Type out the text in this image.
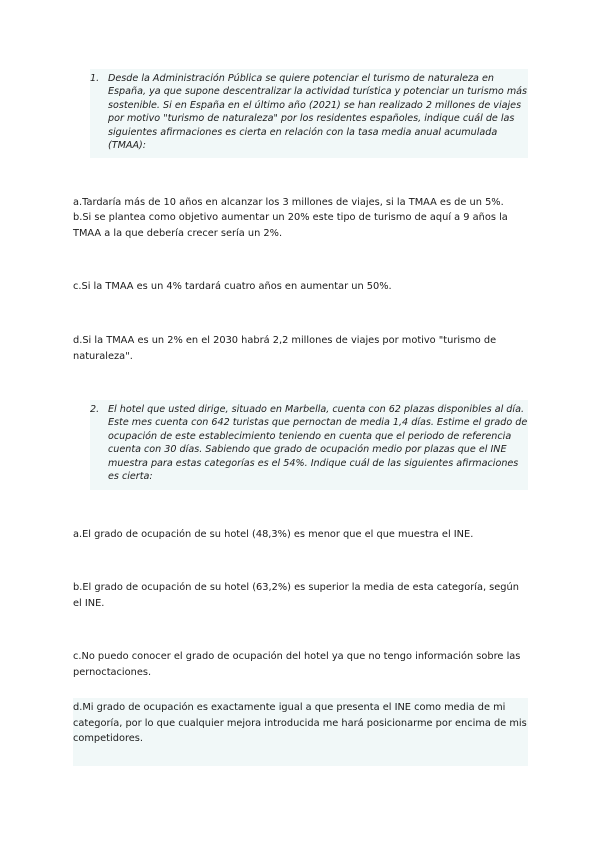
1. Desde la Administración Pública se quiere potenciar el turismo de naturaleza en España, ya que supone descentralizar la actividad turística y potenciar un turismo más sostenible. Si en España en el último año (2021) se han realizado 2 millones de viajes por motivo "turismo de naturaleza" por los residentes españoles, indique cuál de las siguientes afirmaciones es cierta en relación con la tasa media anual acumulada (TMAA):
a.Tardaría más de 10 años en alcanzar los 3 millones de viajes, si la TMAA es de un 5%.
b.Si se plantea como objetivo aumentar un 20% este tipo de turismo de aquí a 9 años la TMAA a la que debería crecer sería un 2%.
c.Si la TMAA es un 4% tardará cuatro años en aumentar un 50%.
d.Si la TMAA es un 2% en el 2030 habrá 2,2 millones de viajes por motivo "turismo de naturaleza".
2. El hotel que usted dirige, situado en Marbella, cuenta con 62 plazas disponibles al día. Este mes cuenta con 642 turistas que pernoctan de media 1,4 días. Estime el grado de ocupación de este establecimiento teniendo en cuenta que el periodo de referencia cuenta con 30 días. Sabiendo que grado de ocupación medio por plazas que el INE muestra para estas categorías es el 54%. Indique cuál de las siguientes afirmaciones es cierta:
a.El grado de ocupación de su hotel (48,3%) es menor que el que muestra el INE.
b.El grado de ocupación de su hotel (63,2%) es superior la media de esta categoría, según el INE.
c.No puedo conocer el grado de ocupación del hotel ya que no tengo información sobre las pernoctaciones.
d.Mi grado de ocupación es exactamente igual a que presenta el INE como media de mi categoría, por lo que cualquier mejora introducida me hará posicionarme por encima de mis competidores.
